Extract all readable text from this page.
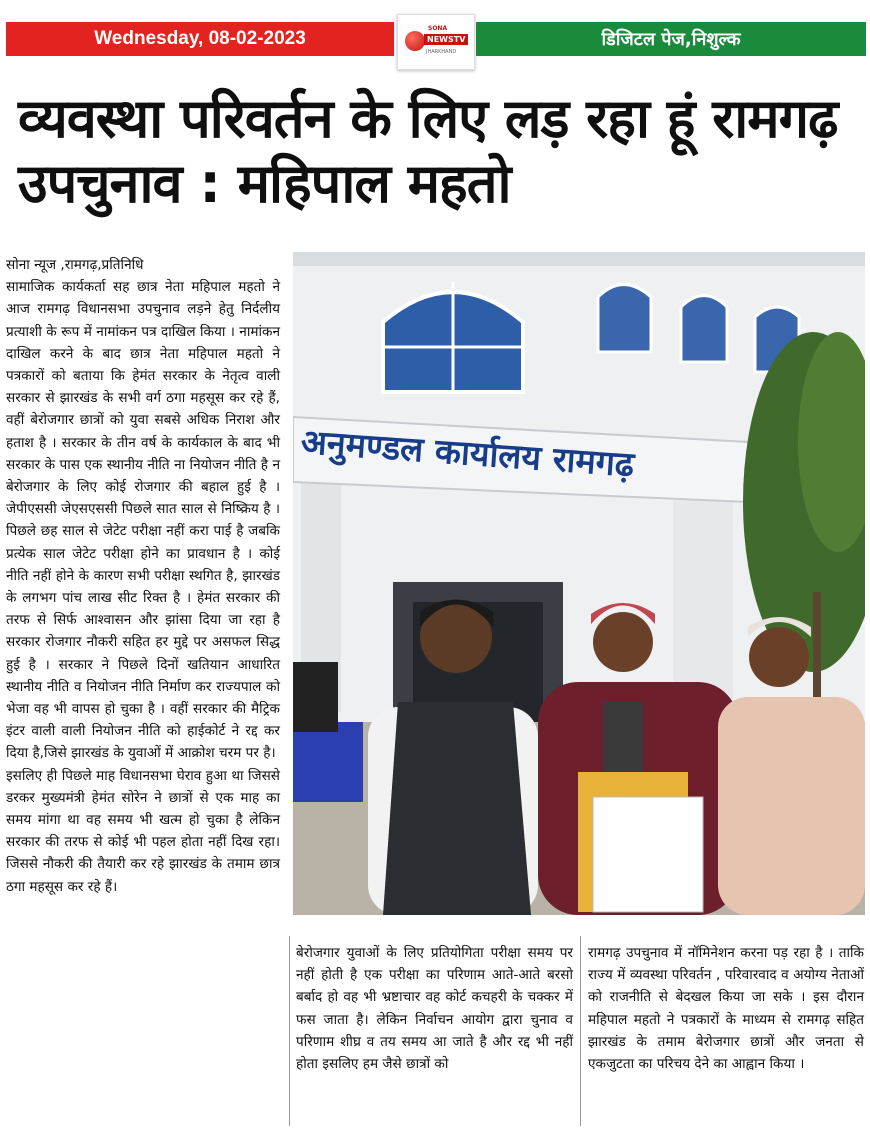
Wednesday, 08-02-2023	SONA
NEWSTV
JHARKHAND
डिजिटल पेज,निशुल्क
व्यवस्था परिवर्तन के लिए लड़ रहा हूं रामगढ़ उपचुनाव : महिपाल महतो

सोना न्यूज ,रामगढ़,प्रतिनिधि

सामाजिक कार्यकर्ता सह छात्र नेता महिपाल महतो ने आज रामगढ़ विधानसभा उपचुनाव लड़ने हेतु निर्दलीय प्रत्याशी के रूप में नामांकन पत्र दाखिल किया । नामांकन दाखिल करने के बाद छात्र नेता महिपाल महतो ने पत्रकारों को बताया कि हेमंत सरकार के नेतृत्व वाली सरकार से झारखंड के सभी वर्ग ठगा महसूस कर रहे हैं, वहीं बेरोजगार छात्रों को युवा सबसे अधिक निराश और हताश है । सरकार के तीन वर्ष के कार्यकाल के बाद भी सरकार के पास एक स्थानीय नीति ना नियोजन नीति है न बेरोजगार के लिए कोई रोजगार की बहाल हुई है । जेपीएससी जेएसएससी पिछले सात साल से निष्क्रिय है । पिछले छह साल से जेटेट परीक्षा नहीं करा पाई है जबकि प्रत्येक साल जेटेट परीक्षा होने का प्रावधान है । कोई नीति नहीं होने के कारण सभी परीक्षा स्थगित है, झारखंड के लगभग पांच लाख सीट रिक्त है । हेमंत सरकार की तरफ से सिर्फ आश्वासन और झांसा दिया जा रहा है सरकार रोजगार नौकरी सहित हर मुद्दे पर असफल सिद्ध हुई है । सरकार ने पिछले दिनों खतियान आधारित स्थानीय नीति व नियोजन नीति निर्माण कर राज्यपाल को भेजा वह भी वापस हो चुका है । वहीं सरकार की मैट्रिक इंटर वाली वाली नियोजन नीति को हाईकोर्ट ने रद्द कर दिया है,जिसे झारखंड के युवाओं में आक्रोश चरम पर है।

इसलिए ही पिछले माह विधानसभा घेराव हुआ था जिससे डरकर मुख्यमंत्री हेमंत सोरेन ने छात्रों से एक माह का समय मांगा था वह समय भी खत्म हो चुका है लेकिन सरकार की तरफ से कोई भी पहल होता नहीं दिख रहा। जिससे नौकरी की तैयारी कर रहे झारखंड के तमाम छात्र ठगा महसूस कर रहे हैं।

अनुमण्डल कार्यालय रामगढ़
बेरोजगार युवाओं के लिए प्रतियोगिता परीक्षा समय पर नहीं होती है एक परीक्षा का परिणाम आते-आते बरसो बर्बाद हो वह भी भ्रष्टाचार वह कोर्ट कचहरी के चक्कर में फस जाता है। लेकिन निर्वाचन आयोग द्वारा चुनाव व परिणाम शीघ्र व तय समय आ जाते है और रद्द भी नहीं होता इसलिए हम जैसे छात्रों को
रामगढ़ उपचुनाव में नॉमिनेशन करना पड़ रहा है । ताकि राज्य में व्यवस्था परिवर्तन , परिवारवाद व अयोग्य नेताओं को राजनीति से बेदखल किया जा सके । इस दौरान महिपाल महतो ने पत्रकारों के माध्यम से रामगढ़ सहित झारखंड के तमाम बेरोजगार छात्रों और जनता से एकजुटता का परिचय देने का आह्वान किया ।
